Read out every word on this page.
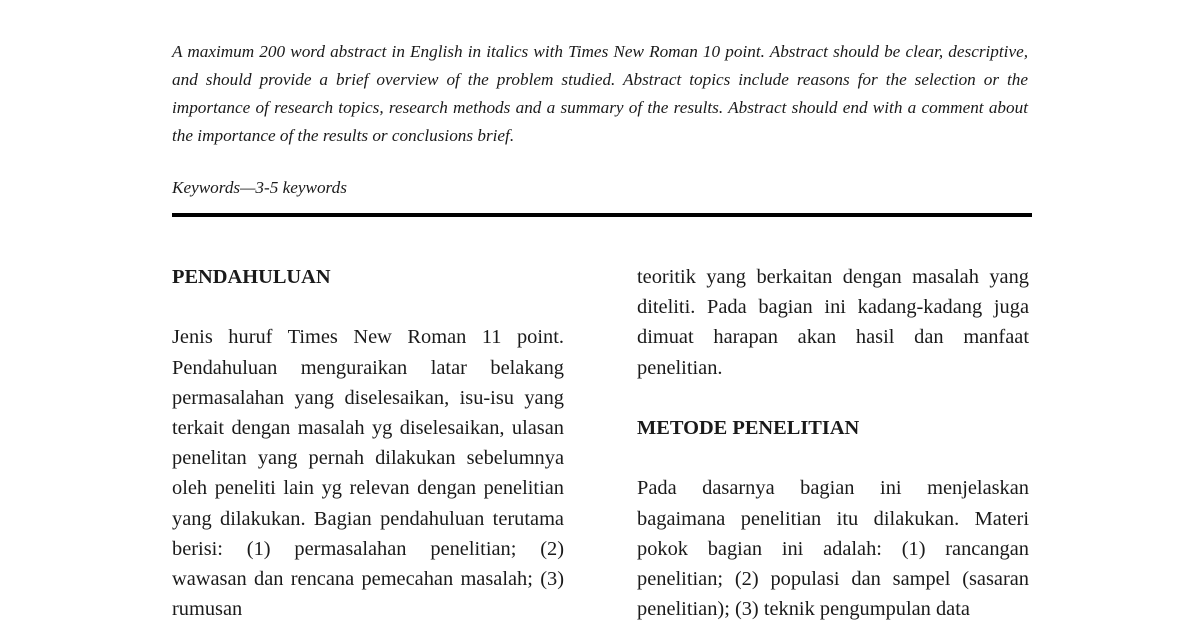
A maximum 200 word abstract in English in italics with Times New Roman 10 point. Abstract should be clear, descriptive, and should provide a brief overview of the problem studied. Abstract topics include reasons for the selection or the importance of research topics, research methods and a summary of the results. Abstract should end with a comment about the importance of the results or conclusions brief.

Keywords—3-5 keywords

PENDAHULUAN

Jenis huruf Times New Roman 11 point. Pendahuluan menguraikan latar belakang permasalahan yang diselesaikan, isu-isu yang terkait dengan masalah yg diselesaikan, ulasan penelitan yang pernah dilakukan sebelumnya oleh peneliti lain yg relevan dengan penelitian yang dilakukan. Bagian pendahuluan terutama berisi: (1) permasalahan penelitian; (2) wawasan dan rencana pemecahan masalah; (3) rumusan

teoritik yang berkaitan dengan masalah yang diteliti. Pada bagian ini kadang-kadang juga dimuat harapan akan hasil dan manfaat penelitian.

METODE PENELITIAN

Pada dasarnya bagian ini menjelaskan bagaimana penelitian itu dilakukan. Materi pokok bagian ini adalah: (1) rancangan penelitian; (2) populasi dan sampel (sasaran penelitian); (3) teknik pengumpulan data
